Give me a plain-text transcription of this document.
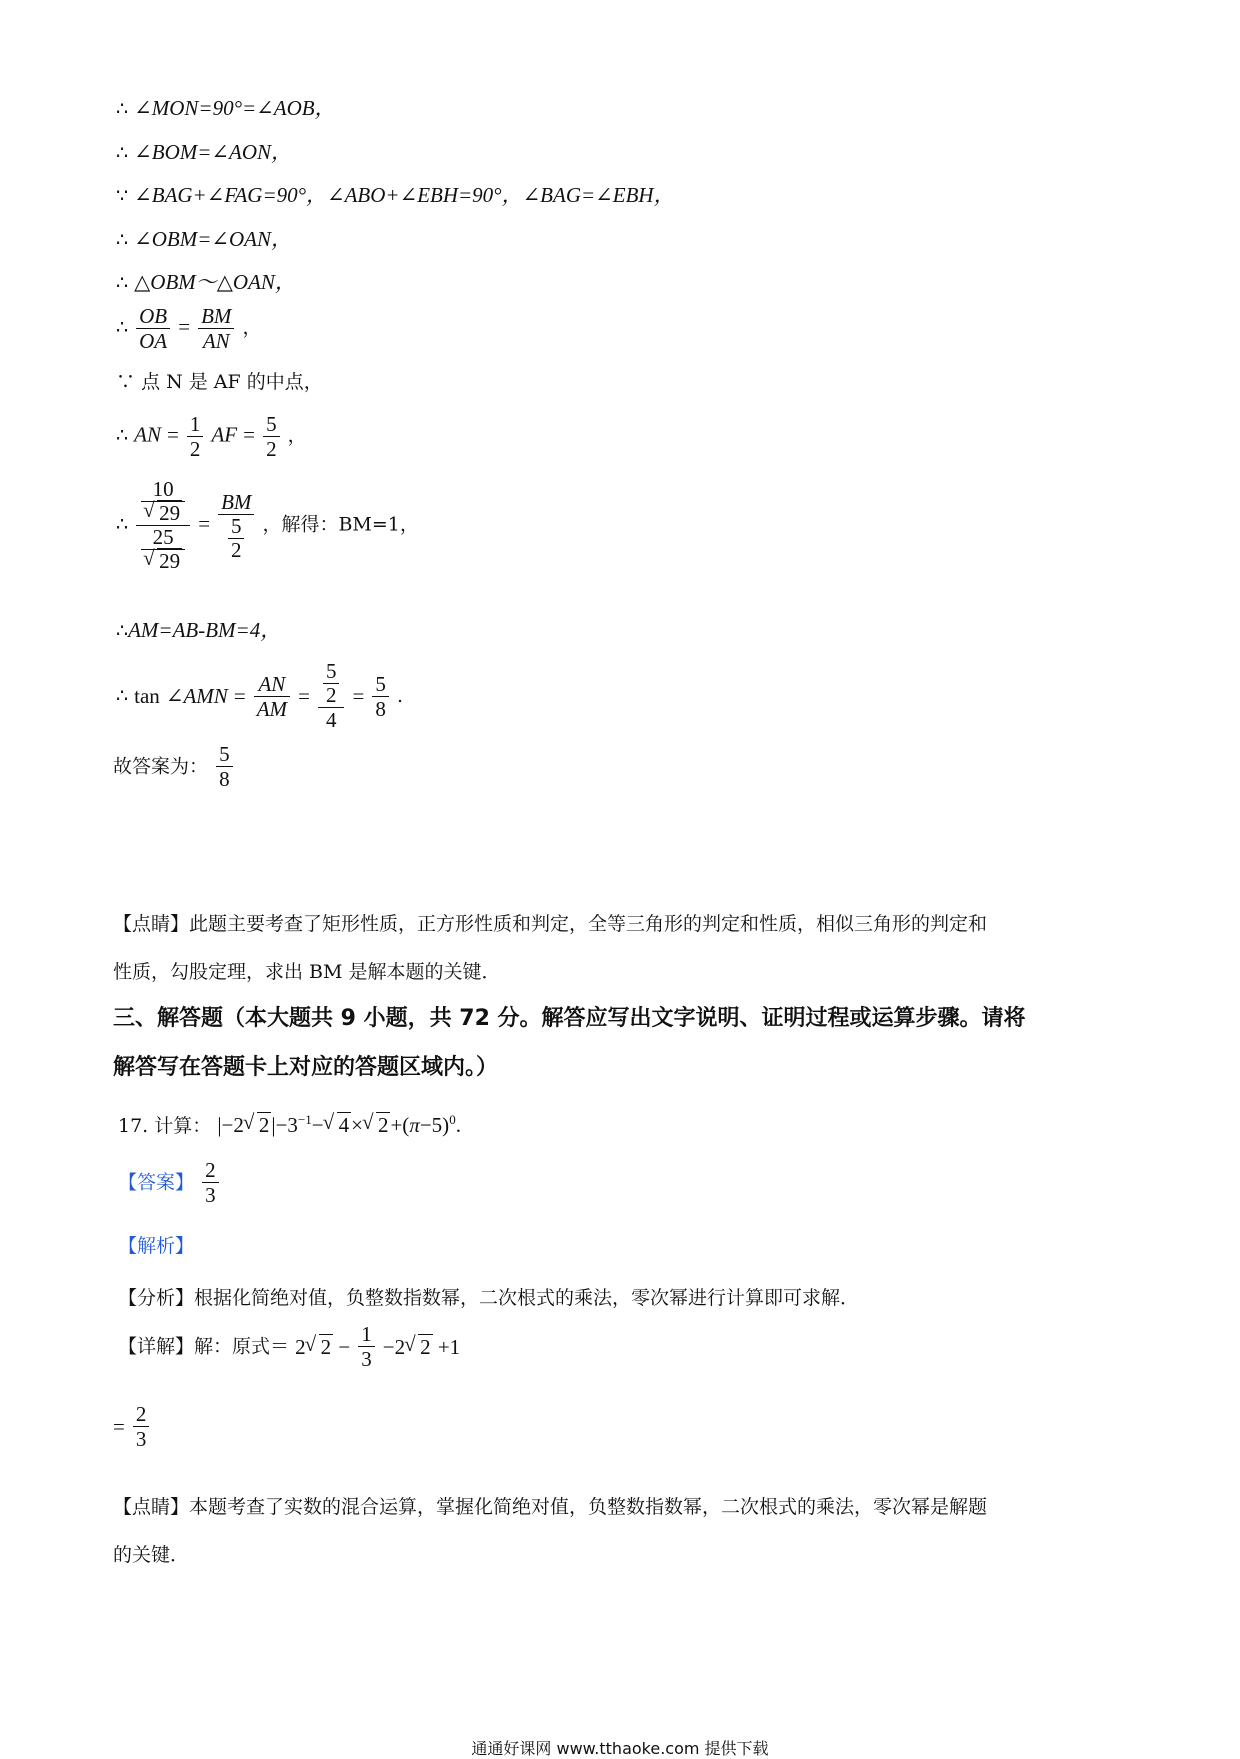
∴ ∠MON=90°=∠AOB，
∴ ∠BOM=∠AON，
∵ ∠BAG+∠FAG=90°，∠ABO+∠EBH=90°，∠BAG=∠EBH，
∴ ∠OBM=∠OAN，
∴ △OBM～△OAN，
∴ $\frac{OB}{OA} = \frac{BM}{AN}$ ，
∵ 点 N 是 AF 的中点，
∴ AN = $\frac{1}{2}$ AF = $\frac{5}{2}$ ，
∴ 10
√ 29
25
√ $29 = \frac{BM}{\frac{5}{2}}$ ，解得：BM=1，
∴AM=AB-BM=4，
∴ tan ∠AMN = $\frac{AN}{AM} = \frac{\frac{5}{2}}{4} = \frac{5}{8}$ .
故答案为： $\frac{5}{8}$
【点睛】此题主要考查了矩形性质，正方形性质和判定，全等三角形的判定和性质，相似三角形的判定和
性质，勾股定理，求出 BM 是解本题的关键．
三、解答题（本大题共 9 小题，共 72 分。解答应写出文字说明、证明过程或运算步骤。请将
解答写在答题卡上对应的答题区域内。）
17. 计算： |−2√ $2|-3^{-1}-√$ 4×√ $2+(\pi-5)^0$.
【答案】 $\frac{2}{3}$
【解析】
【分析】根据化简绝对值，负整数指数幂，二次根式的乘法，零次幂进行计算即可求解．
【详解】解：原式＝ 2√ $2 - \frac{1}{3} -2√$ 2 +1
= $\frac{2}{3}$
【点睛】本题考查了实数的混合运算，掌握化简绝对值，负整数指数幂，二次根式的乘法，零次幂是解题
的关键．
通通好课网 www.tthaoke.com 提供下载
